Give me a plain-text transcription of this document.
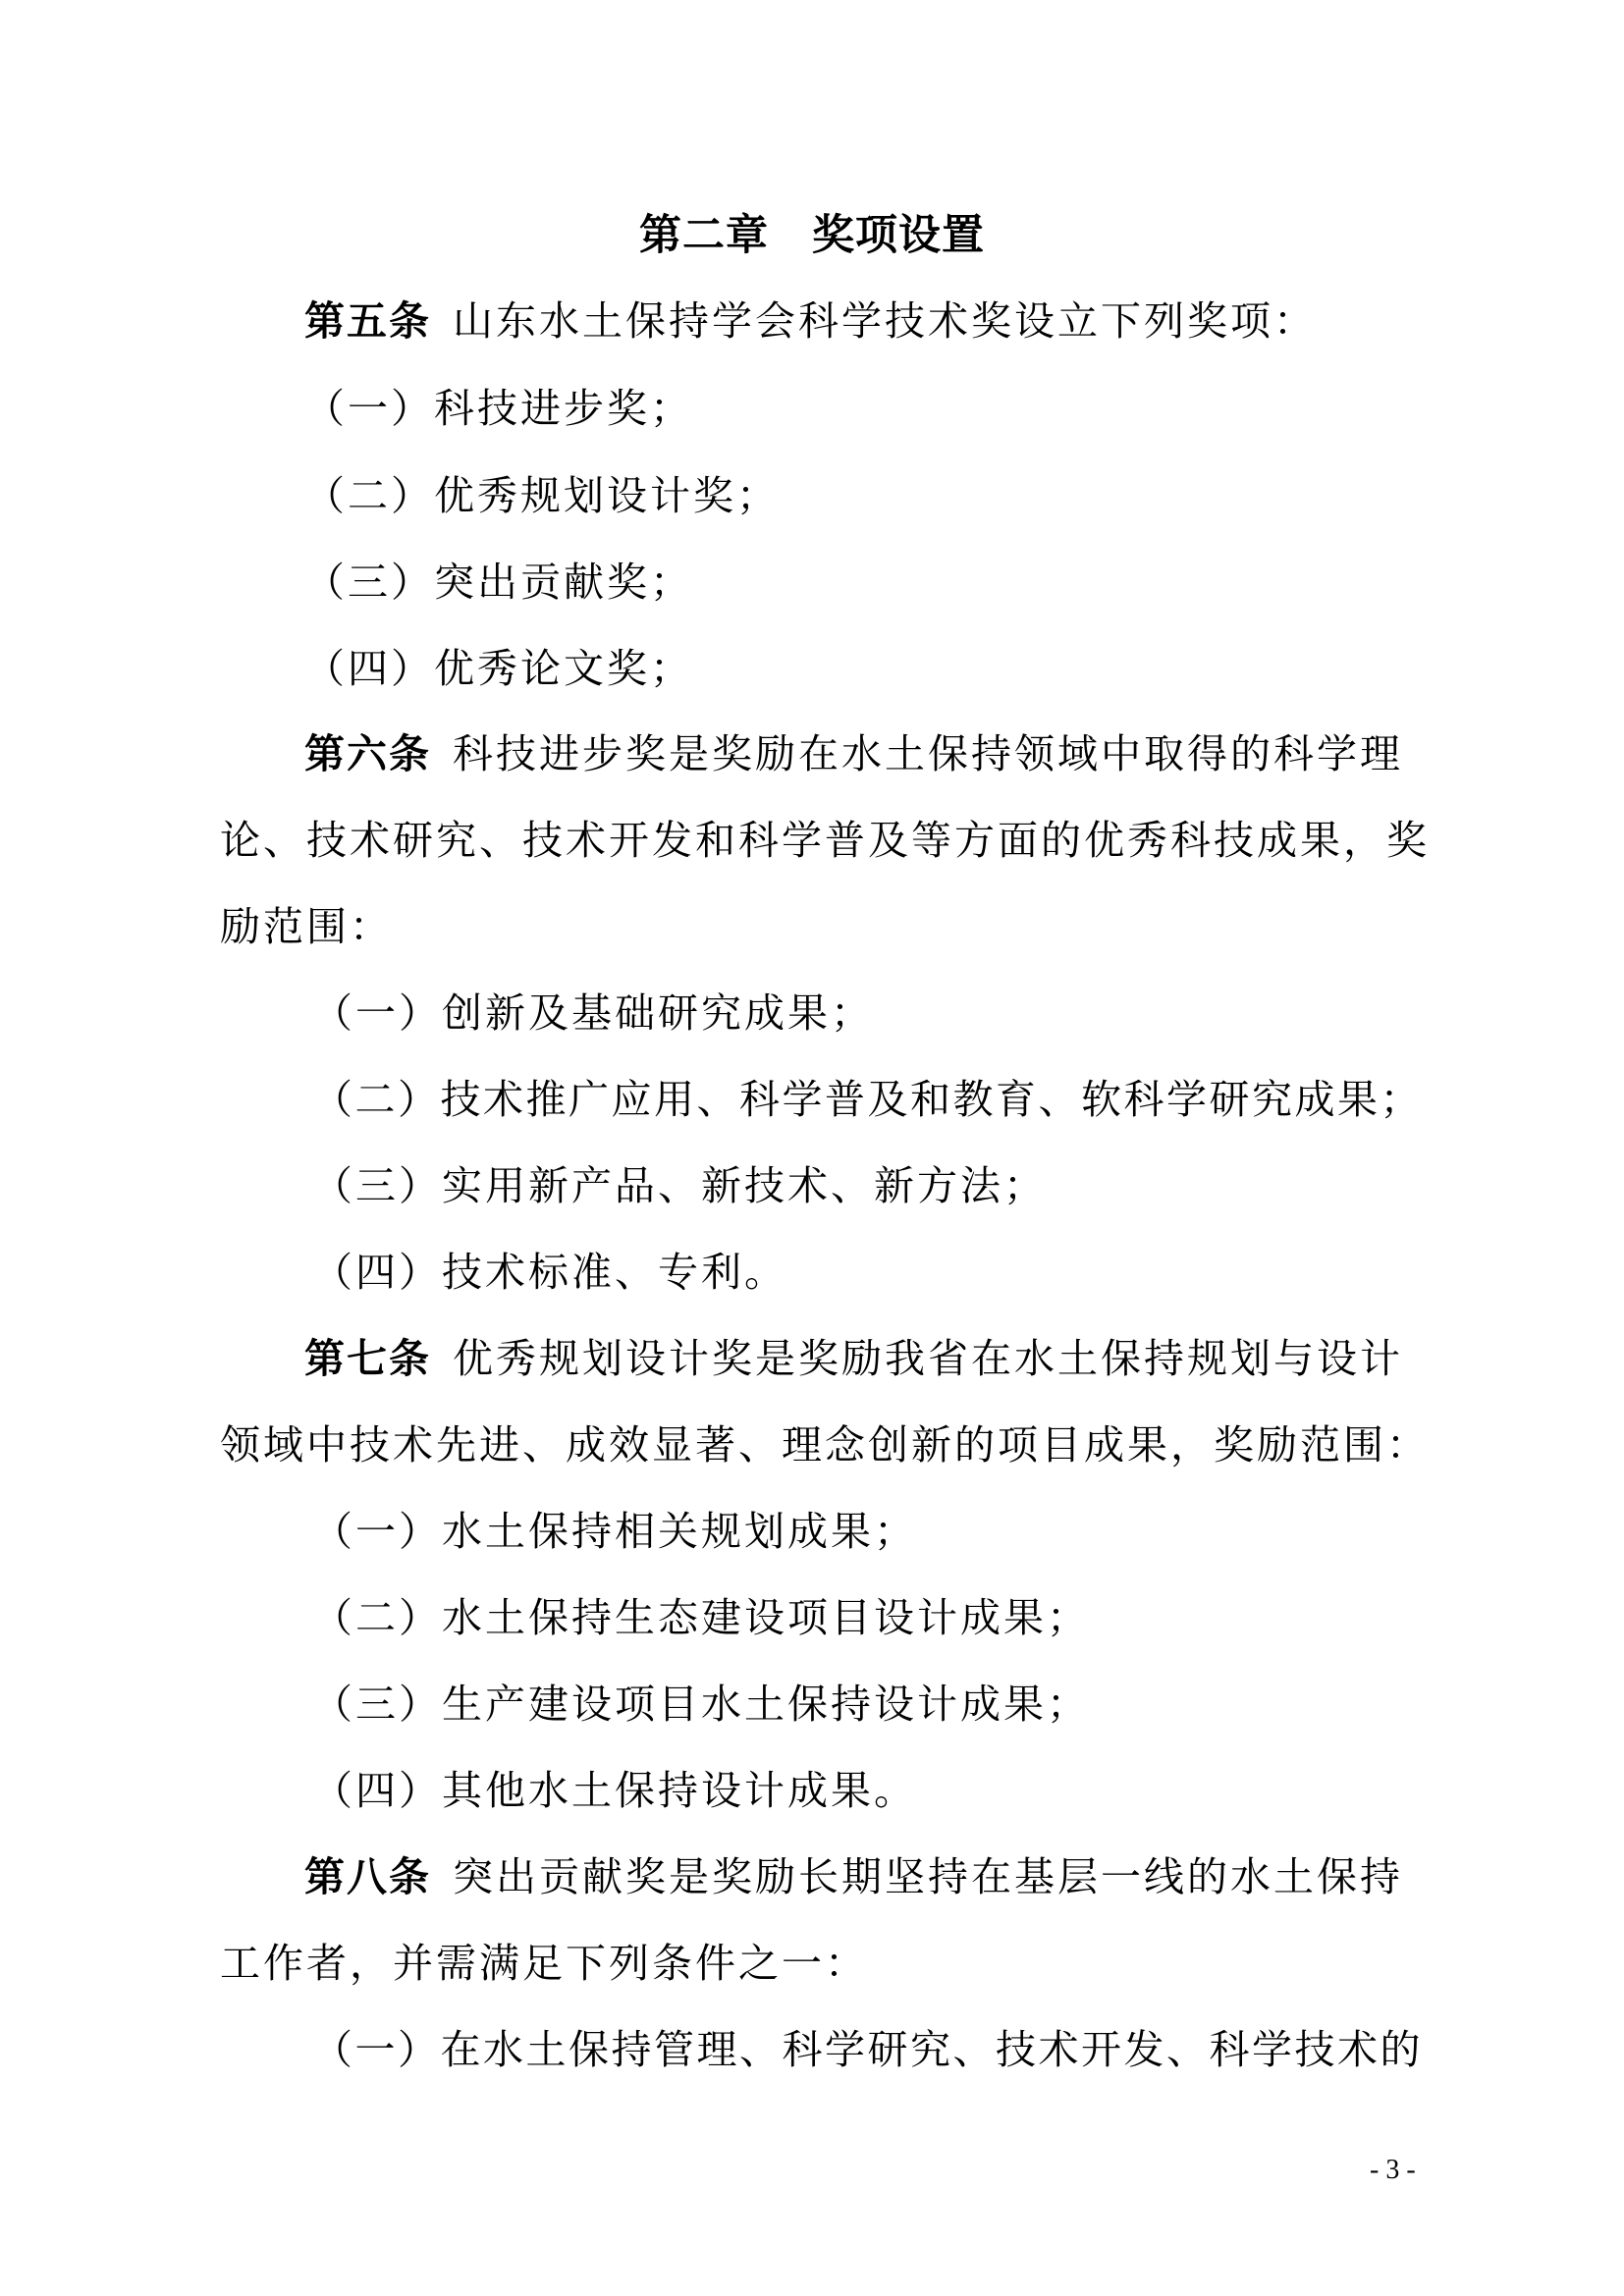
第二章 奖项设置
第五条 山东水土保持学会科学技术奖设立下列奖项：
（一）科技进步奖；
（二）优秀规划设计奖；
（三）突出贡献奖；
（四）优秀论文奖；
第六条 科技进步奖是奖励在水土保持领域中取得的科学理
论、技术研究、技术开发和科学普及等方面的优秀科技成果，奖
励范围：
（一）创新及基础研究成果；
（二）技术推广应用、科学普及和教育、软科学研究成果；
（三）实用新产品、新技术、新方法；
（四）技术标准、专利。
第七条 优秀规划设计奖是奖励我省在水土保持规划与设计
领域中技术先进、成效显著、理念创新的项目成果，奖励范围：
（一）水土保持相关规划成果；
（二）水土保持生态建设项目设计成果；
（三）生产建设项目水土保持设计成果；
（四）其他水土保持设计成果。
第八条 突出贡献奖是奖励长期坚持在基层一线的水土保持
工作者，并需满足下列条件之一：
（一）在水土保持管理、科学研究、技术开发、科学技术的
- 3 -
